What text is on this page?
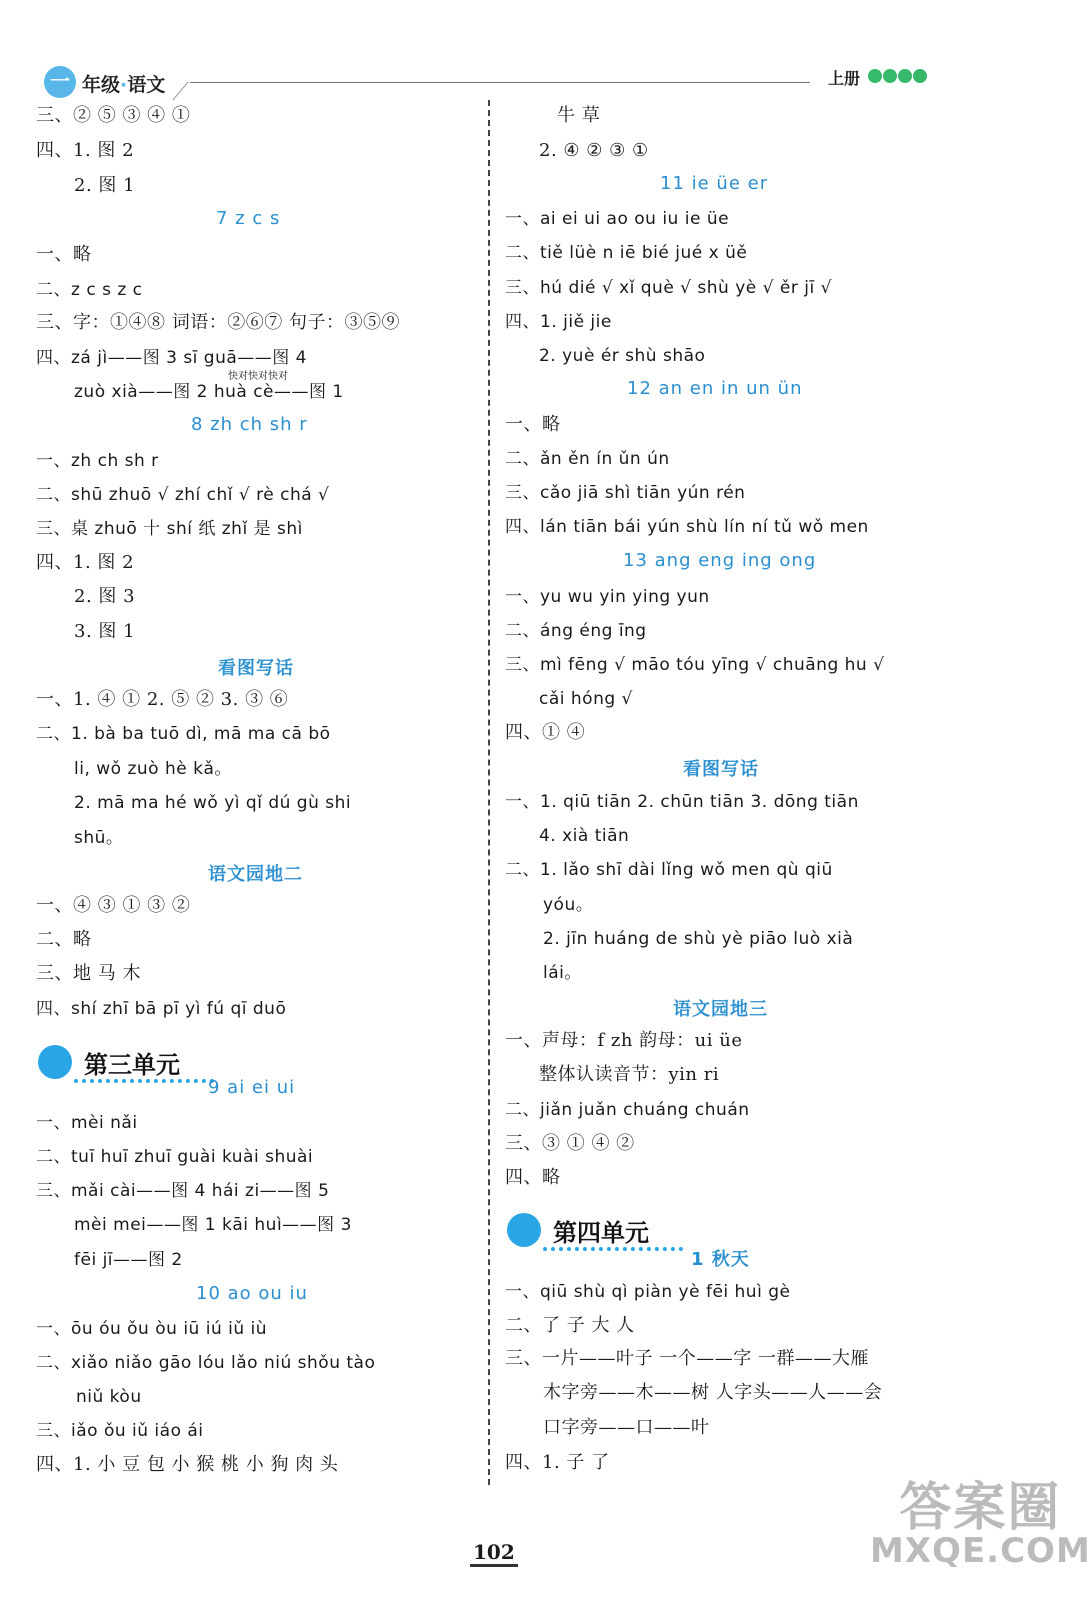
一 年级·语文	上册
三、② ⑤ ③ ④ ①
四、1. 图 2
2. 图 1
7 z c s
一、略
二、z c s z c
三、字：①④⑧ 词语：②⑥⑦ 句子：③⑤⑨
四、zá jì——图 3 sī guā——图 4
快对快对快对
zuò xià——图 2 huà cè——图 1
8 zh ch sh r
一、zh ch sh r
二、shū zhuō √ zhí chǐ √ rè chá √
三、桌 zhuō 十 shí 纸 zhǐ 是 shì
四、1. 图 2
2. 图 3
3. 图 1
看图写话
一、1. ④ ① 2. ⑤ ② 3. ③ ⑥
二、1. bà ba tuō dì, mā ma cā bō
li, wǒ zuò hè kǎ。
2. mā ma hé wǒ yì qǐ dú gù shi
shū。
语文园地二
一、④ ③ ① ③ ②
二、略
三、地 马 木
四、shí zhī bā pī yì fú qī duō
第三单元
9 ai ei ui
一、mèi nǎi
二、tuī huī zhuī guài kuài shuài
三、mǎi cài——图 4 hái zi——图 5
mèi mei——图 1 kāi huì——图 3
fēi jī——图 2
10 ao ou iu
一、ōu óu ǒu òu iū iú iǔ iù
二、xiǎo niǎo gāo lóu lǎo niú shǒu tào
niǔ kòu
三、iǎo ǒu iǔ iáo ái
四、1. 小 豆 包 小 猴 桃 小 狗 肉 头
牛 草
2. ④ ② ③ ①
11 ie üe er
一、ai ei ui ao ou iu ie üe
二、tiě lüè n iē bié jué x üě
三、hú dié √ xǐ què √ shù yè √ ěr jī √
四、1. jiě jie
2. yuè ér shù shāo
12 an en in un ün
一、略
二、ǎn ěn ín ǔn ún
三、cǎo jiā shì tiān yún rén
四、lán tiān bái yún shù lín ní tǔ wǒ men
13 ang eng ing ong
一、yu wu yin ying yun
二、áng éng īng
三、mì fēng √ māo tóu yīng √ chuāng hu √
cǎi hóng √
四、① ④
看图写话
一、1. qiū tiān 2. chūn tiān 3. dōng tiān
4. xià tiān
二、1. lǎo shī dài lǐng wǒ men qù qiū
yóu。
2. jīn huáng de shù yè piāo luò xià
lái。
语文园地三
一、声母：f zh 韵母：ui üe
整体认读音节：yin ri
二、jiǎn juǎn chuáng chuán
三、③ ① ④ ②
四、略
第四单元
1 秋天
一、qiū shù qì piàn yè fēi huì gè
二、了 子 大 人
三、一片——叶子 一个——字 一群——大雁
木字旁——木——树 人字头——人——会
口字旁——口——叶
四、1. 子 了
102
答案圈
MXQE.COM
